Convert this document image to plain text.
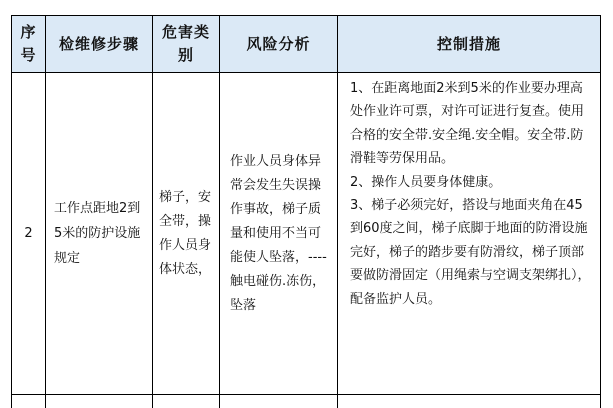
序号	检维修步骤	危害类别	风险分析	控制措施

2	工作点距地2到5米的防护设施规定	梯子，安全带，操作人员身体状态，	作业人员身体异常会发生失误操作事故，梯子质量和使用不当可能使人坠落，----触电碰伤.冻伤，坠落	1、在距离地面2米到5米的作业要办理高处作业许可票，对许可证进行复查。使用合格的安全带.安全绳.安全帽。安全带.防滑鞋等劳保用品。

2、操作人员要身体健康。

3、梯子必须完好，搭设与地面夹角在45到60度之间，梯子底脚于地面的防滑设施完好，梯子的踏步要有防滑纹，梯子顶部要做防滑固定（用绳索与空调支架绑扎），配备监护人员。
